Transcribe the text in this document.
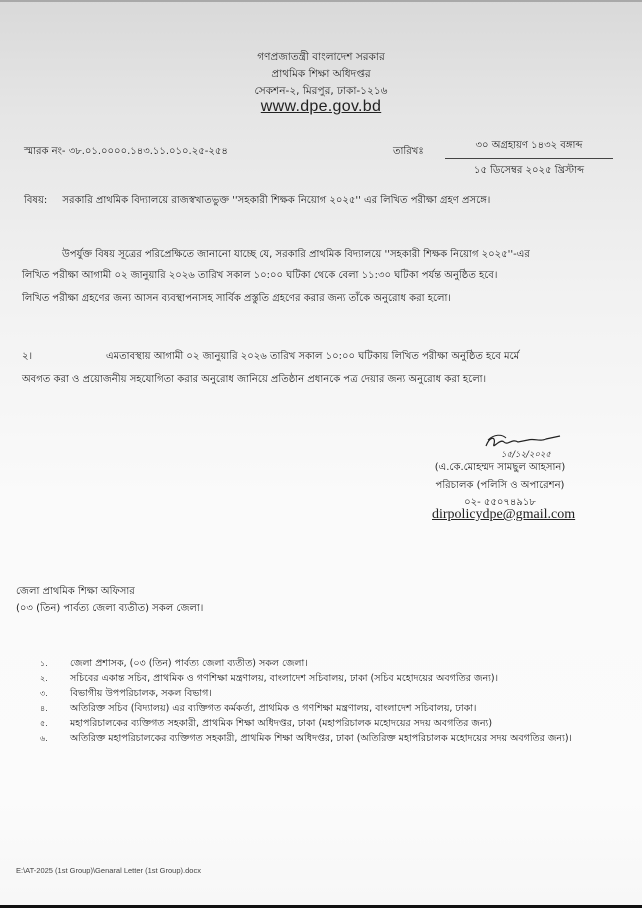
গণপ্রজাতন্ত্রী বাংলাদেশ সরকার
প্রাথমিক শিক্ষা অধিদপ্তর
সেকশন-২, মিরপুর, ঢাকা-১২১৬
www.dpe.gov.bd
স্মারক নং- ৩৮.০১.০০০০.১৪৩.১১.০১০.২৫-২৫৪	তারিখঃ
৩০ অগ্রহায়ণ ১৪৩২ বঙ্গাব্দ
১৫ ডিসেম্বর ২০২৫ খ্রিস্টাব্দ
বিষয়: সরকারি প্রাথমিক বিদ্যালয়ে রাজস্বখাতভুক্ত ''সহকারী শিক্ষক নিয়োগ ২০২৫'' এর লিখিত পরীক্ষা গ্রহণ প্রসঙ্গে।
উপর্যুক্ত বিষয় সূত্রের পরিপ্রেক্ষিতে জানানো যাচ্ছে যে, সরকারি প্রাথমিক বিদ্যালয়ে ''সহকারী শিক্ষক নিয়োগ ২০২৫''-এর
লিখিত পরীক্ষা আগামী ০২ জানুয়ারি ২০২৬ তারিখ সকাল ১০:০০ ঘটিকা থেকে বেলা ১১:৩০ ঘটিকা পর্যন্ত অনুষ্ঠিত হবে।
লিখিত পরীক্ষা গ্রহণের জন্য আসন ব্যবস্থাপনাসহ সার্বিক প্রস্তুতি গ্রহণের করার জন্য তাঁকে অনুরোধ করা হলো।
২।	এমতাবস্থায় আগামী ০২ জানুয়ারি ২০২৬ তারিখ সকাল ১০:০০ ঘটিকায় লিখিত পরীক্ষা অনুষ্ঠিত হবে মর্মে
অবগত করা ও প্রয়োজনীয় সহযোগিতা করার অনুরোধ জানিয়ে প্রতিষ্ঠান প্রধানকে পত্র দেয়ার জন্য অনুরোধ করা হলো।
১৫/১২/২০২৫
(এ.কে.মোহম্মদ সামছুল আহসান)
পরিচালক (পলিসি ও অপারেশন)
০২- ৫৫০৭৪৯১৮
dirpolicydpe@gmail.com
জেলা প্রাথমিক শিক্ষা অফিসার
(০৩ (তিন) পার্বত্য জেলা ব্যতীত) সকল জেলা।
১. জেলা প্রশাসক, (০৩ (তিন) পার্বত্য জেলা ব্যতীত) সকল জেলা।
২. সচিবের একান্ত সচিব, প্রাথমিক ও গণশিক্ষা মন্ত্রণালয়, বাংলাদেশ সচিবালয়, ঢাকা (সচিব মহোদয়ের অবগতির জন্য)।
৩. বিভাগীয় উপপরিচালক, সকল বিভাগ।
৪. অতিরিক্ত সচিব (বিদ্যালয়) এর ব্যক্তিগত কর্মকর্তা, প্রাথমিক ও গণশিক্ষা মন্ত্রণালয়, বাংলাদেশ সচিবালয়, ঢাকা।
৫. মহাপরিচালকের ব্যক্তিগত সহকারী, প্রাথমিক শিক্ষা অধিদপ্তর, ঢাকা (মহাপরিচালক মহোদয়ের সদয় অবগতির জন্য)
৬. অতিরিক্ত মহাপরিচালকের ব্যক্তিগত সহকারী, প্রাথমিক শিক্ষা অধিদপ্তর, ঢাকা (অতিরিক্ত মহাপরিচালক মহোদয়ের সদয় অবগতির জন্য)।
E:\AT-2025 (1st Group)\Genaral Letter (1st Group).docx
